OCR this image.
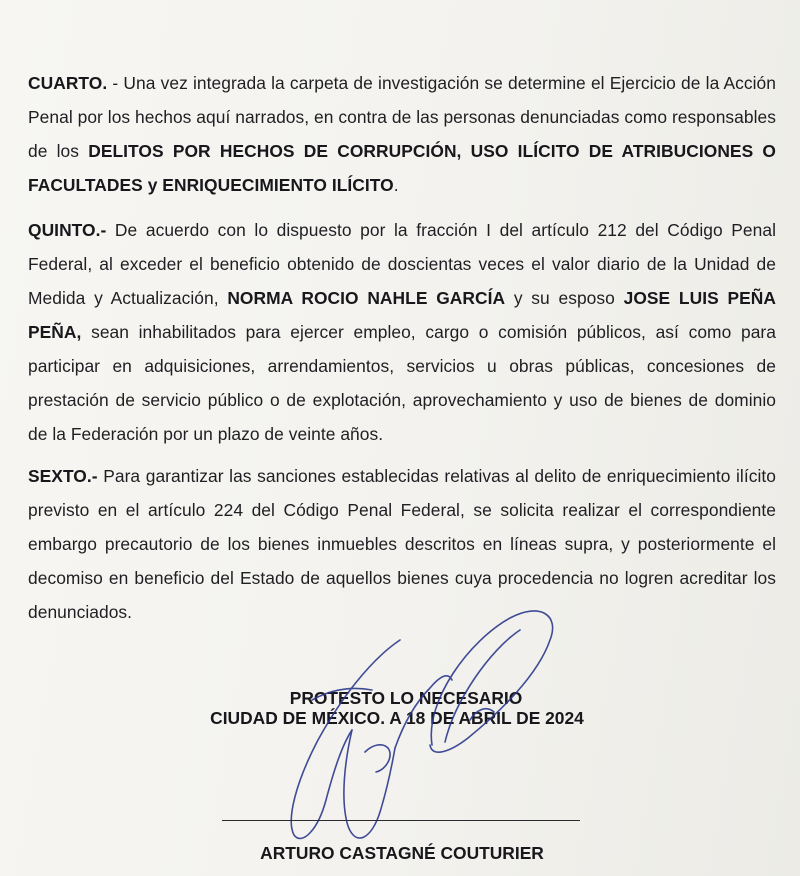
CUARTO. - Una vez integrada la carpeta de investigación se determine el Ejercicio de la Acción Penal por los hechos aquí narrados, en contra de las personas denunciadas como responsables de los DELITOS POR HECHOS DE CORRUPCIÓN, USO ILÍCITO DE ATRIBUCIONES O FACULTADES y ENRIQUECIMIENTO ILÍCITO.

QUINTO.- De acuerdo con lo dispuesto por la fracción I del artículo 212 del Código Penal Federal, al exceder el beneficio obtenido de doscientas veces el valor diario de la Unidad de Medida y Actualización, NORMA ROCIO NAHLE GARCÍA y su esposo JOSE LUIS PEÑA PEÑA, sean inhabilitados para ejercer empleo, cargo o comisión públicos, así como para participar en adquisiciones, arrendamientos, servicios u obras públicas, concesiones de prestación de servicio público o de explotación, aprovechamiento y uso de bienes de dominio de la Federación por un plazo de veinte años.

SEXTO.- Para garantizar las sanciones establecidas relativas al delito de enriquecimiento ilícito previsto en el artículo 224 del Código Penal Federal, se solicita realizar el correspondiente embargo precautorio de los bienes inmuebles descritos en líneas supra, y posteriormente el decomiso en beneficio del Estado de aquellos bienes cuya procedencia no logren acreditar los denunciados.

PROTESTO LO NECESARIO
CIUDAD DE MÉXICO. A 18 DE ABRIL DE 2024
ARTURO CASTAGNÉ COUTURIER
